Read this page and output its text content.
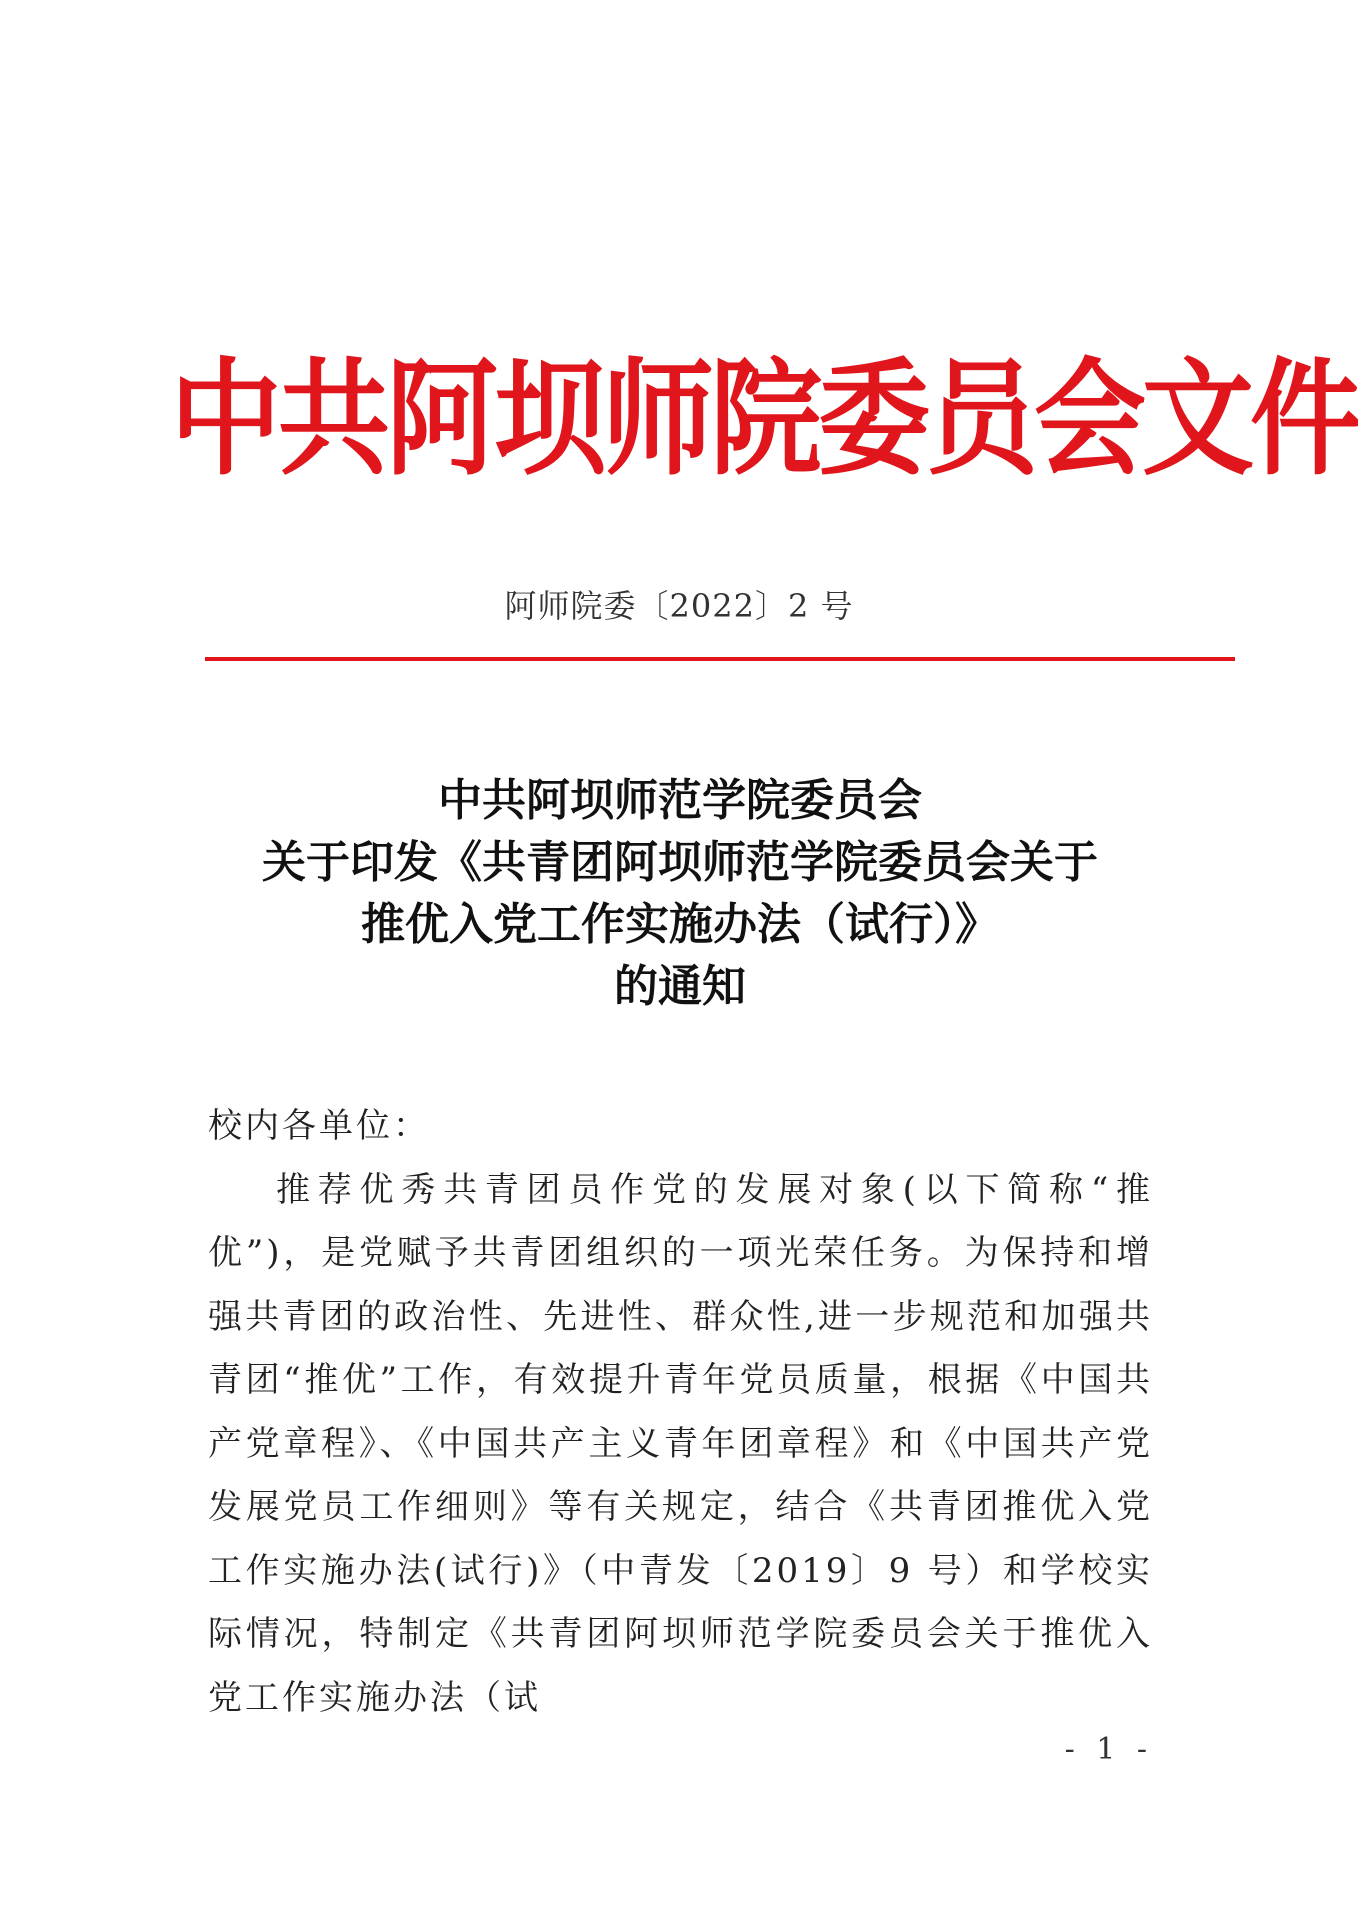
中共阿坝师院委员会文件
阿师院委〔2022〕2 号
中共阿坝师范学院委员会
关于印发《共青团阿坝师范学院委员会关于
推优入党工作实施办法（试行）》
的通知

校内各单位：

推荐优秀共青团员作党的发展对象(以下简称“推优”)，是党赋予共青团组织的一项光荣任务。为保持和增强共青团的政治性、先进性、群众性,进一步规范和加强共青团“推优”工作，有效提升青年党员质量，根据《中国共产党章程》、《中国共产主义青年团章程》和《中国共产党发展党员工作细则》等有关规定，结合《共青团推优入党工作实施办法(试行)》（中青发〔2019〕9 号）和学校实际情况，特制定《共青团阿坝师范学院委员会关于推优入党工作实施办法（试

- 1 -
